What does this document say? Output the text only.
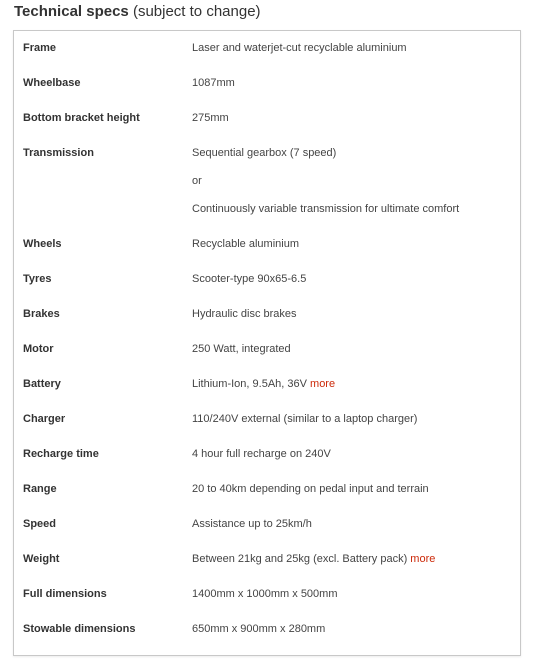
Technical specs (subject to change)
Frame	Laser and waterjet-cut recyclable aluminium
Wheelbase	1087mm
Bottom bracket height	275mm
Transmission	Sequential gearbox (7 speed)
or
Continuously variable transmission for ultimate comfort
Wheels	Recyclable aluminium
Tyres	Scooter-type 90x65-6.5
Brakes	Hydraulic disc brakes
Motor	250 Watt, integrated
Battery	Lithium-Ion, 9.5Ah, 36V more
Charger	110/240V external (similar to a laptop charger)
Recharge time	4 hour full recharge on 240V
Range	20 to 40km depending on pedal input and terrain
Speed	Assistance up to 25km/h
Weight	Between 21kg and 25kg (excl. Battery pack) more
Full dimensions	1400mm x 1000mm x 500mm
Stowable dimensions	650mm x 900mm x 280mm
